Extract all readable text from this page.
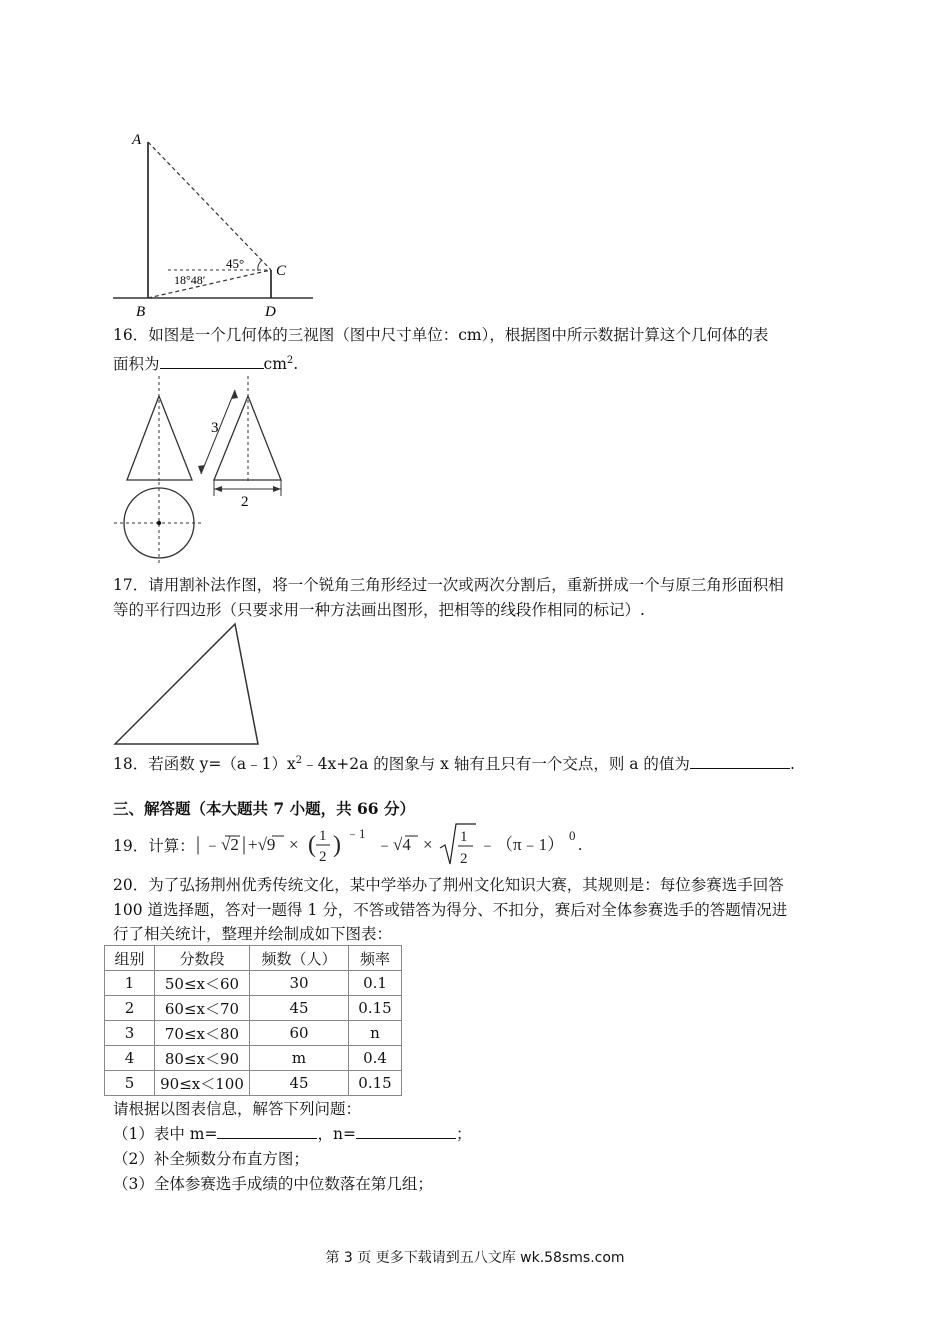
A
B
C
D
45°
18°48′
16．如图是一个几何体的三视图（图中尺寸单位：cm），根据图中所示数据计算这个几何体的表
面积为	$cm^2$.
3
2
17．请用割补法作图，将一个锐角三角形经过一次或两次分割后，重新拼成一个与原三角形面积相
等的平行四边形（只要求用一种方法画出图形，把相等的线段作相同的标记）.
18．若函数 $y=(a﹣1)x^2﹣4x+2a$ 的图象与 x 轴有且只有一个交点，则 a 的值为	.
三、解答题（本大题共 7 小题，共 66 分）
19．计算： | ﹣√2 | +√9 × ( 1
2 ) ﹣1
﹣√4 × 1
2
﹣（π﹣1） 0 .
20．为了弘扬荆州优秀传统文化，某中学举办了荆州文化知识大赛，其规则是：每位参赛选手回答
100 道选择题，答对一题得 1 分，不答或错答为得分、不扣分，赛后对全体参赛选手的答题情况进
行了相关统计，整理并绘制成如下图表：
组别	分数段	频数（人）	频率
1	50≤x＜60	30	0.1
2	60≤x＜70	45	0.15
3	70≤x＜80	60	n
4	80≤x＜90	m	0.4
5	90≤x＜100	45	0.15
请根据以图表信息，解答下列问题：
（1）表中 m=	，n=	；
（2）补全频数分布直方图；
（3）全体参赛选手成绩的中位数落在第几组；
第 3 页 更多下载请到五八文库 wk.58sms.com
